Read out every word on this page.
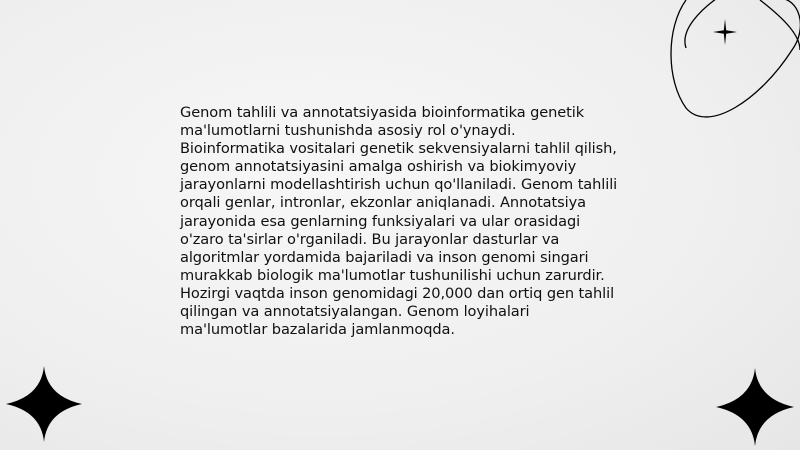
Genom tahlili va annotatsiyasida bioinformatika genetik ma'lumotlarni tushunishda asosiy rol o'ynaydi. Bioinformatika vositalari genetik sekvensiyalarni tahlil qilish, genom annotatsiyasini amalga oshirish va biokimyoviy jarayonlarni modellashtirish uchun qo'llaniladi. Genom tahlili orqali genlar, intronlar, ekzonlar aniqlanadi. Annotatsiya jarayonida esa genlarning funksiyalari va ular orasidagi o'zaro ta'sirlar o'rganiladi. Bu jarayonlar dasturlar va algoritmlar yordamida bajariladi va inson genomi singari murakkab biologik ma'lumotlar tushunilishi uchun zarurdir. Hozirgi vaqtda inson genomidagi 20,000 dan ortiq gen tahlil qilingan va annotatsiyalangan. Genom loyihalari ma'lumotlar bazalarida jamlanmoqda.
